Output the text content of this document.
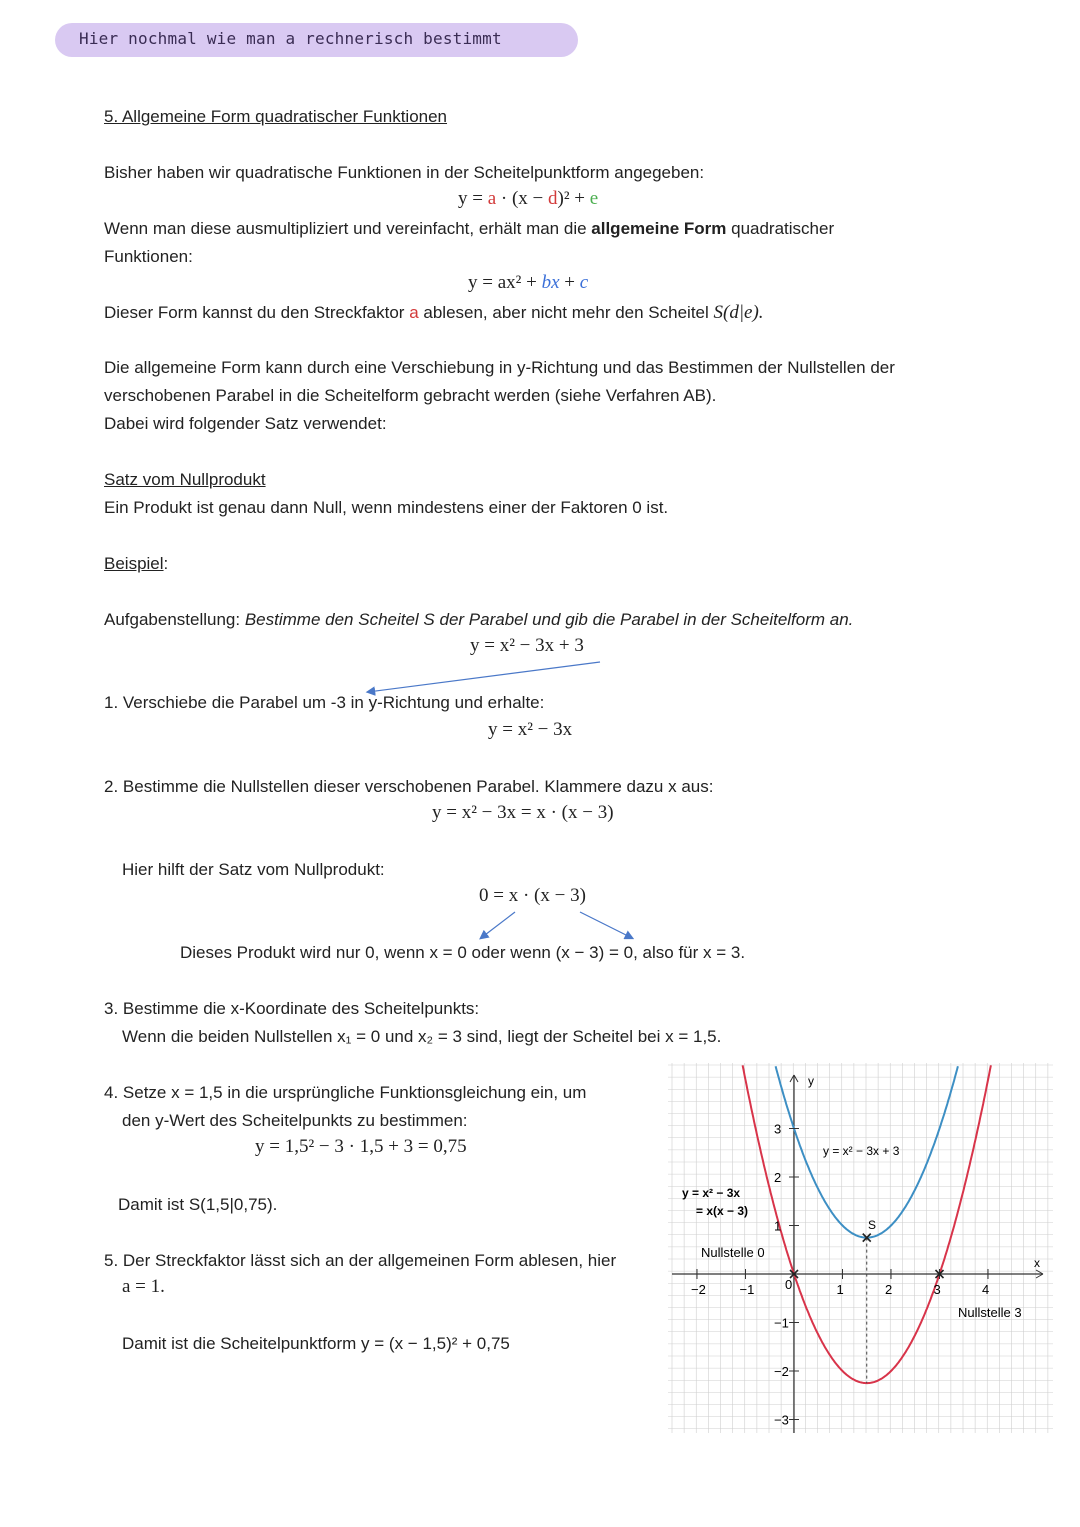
Hier nochmal wie man a rechnerisch bestimmt
5. Allgemeine Form quadratischer Funktionen
Bisher haben wir quadratische Funktionen in der Scheitelpunktform angegeben:
y = a · (x − d)² + e
Wenn man diese ausmultipliziert und vereinfacht, erhält man die allgemeine Form quadratischer
Funktionen:
y = ax² + bx + c
Dieser Form kannst du den Streckfaktor a ablesen, aber nicht mehr den Scheitel S(d|e).
Die allgemeine Form kann durch eine Verschiebung in y-Richtung und das Bestimmen der Nullstellen der
verschobenen Parabel in die Scheitelform gebracht werden (siehe Verfahren AB).
Dabei wird folgender Satz verwendet:
Satz vom Nullprodukt
Ein Produkt ist genau dann Null, wenn mindestens einer der Faktoren 0 ist.
Beispiel:
Aufgabenstellung: Bestimme den Scheitel S der Parabel und gib die Parabel in der Scheitelform an.
y = x² − 3x + 3
1. Verschiebe die Parabel um -3 in y-Richtung und erhalte:
y = x² − 3x
2. Bestimme die Nullstellen dieser verschobenen Parabel. Klammere dazu x aus:
y = x² − 3x = x · (x − 3)
Hier hilft der Satz vom Nullprodukt:
0 = x · (x − 3)
Dieses Produkt wird nur 0, wenn x = 0 oder wenn (x − 3) = 0, also für x = 3.
3. Bestimme die x-Koordinate des Scheitelpunkts:
Wenn die beiden Nullstellen x₁ = 0 und x₂ = 3 sind, liegt der Scheitel bei x = 1,5.
4. Setze x = 1,5 in die ursprüngliche Funktionsgleichung ein, um
den y-Wert des Scheitelpunkts zu bestimmen:
y = 1,5² − 3 · 1,5 + 3 = 0,75
Damit ist S(1,5|0,75).
5. Der Streckfaktor lässt sich an der allgemeinen Form ablesen, hier
a = 1.
Damit ist die Scheitelpunktform y = (x − 1,5)² + 0,75
−2	−1	1	2	3	4
3
2
1
−1
−2
−3
y = x² − 3x + 3
y = x² − 3x
= x(x − 3)
Nullstelle 0
Nullstelle 3
S
x
y
0
